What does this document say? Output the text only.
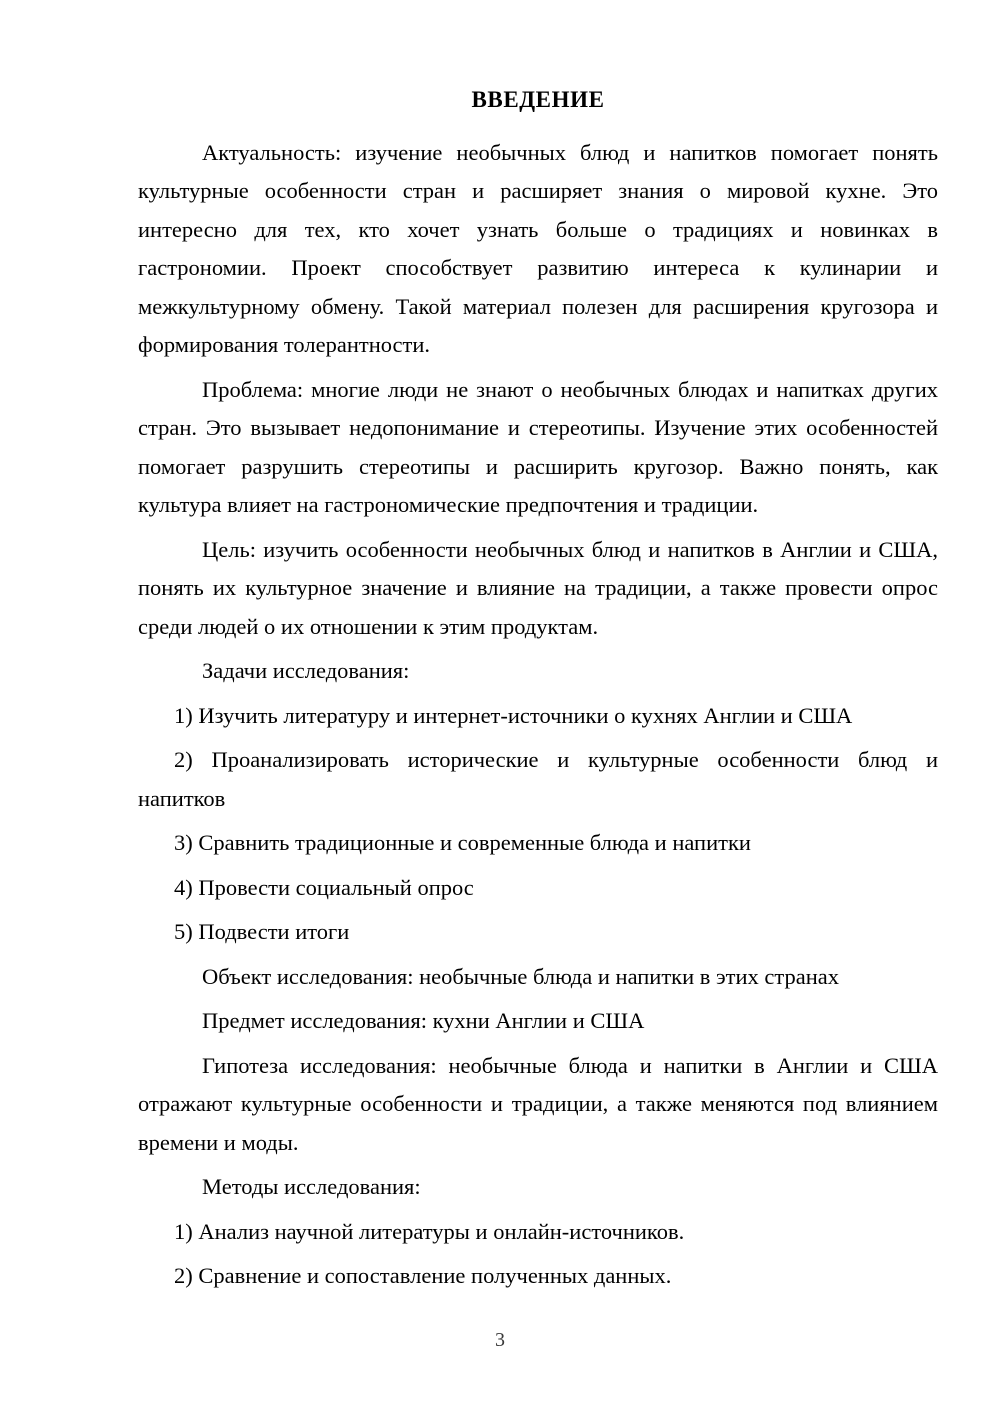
ВВЕДЕНИЕ

Актуальность: изучение необычных блюд и напитков помогает понять культурные особенности стран и расширяет знания о мировой кухне. Это интересно для тех, кто хочет узнать больше о традициях и новинках в гастрономии. Проект способствует развитию интереса к кулинарии и межкультурному обмену. Такой материал полезен для расширения кругозора и формирования толерантности.

Проблема: многие люди не знают о необычных блюдах и напитках других стран. Это вызывает недопонимание и стереотипы. Изучение этих особенностей помогает разрушить стереотипы и расширить кругозор. Важно понять, как культура влияет на гастрономические предпочтения и традиции.

Цель: изучить особенности необычных блюд и напитков в Англии и США, понять их культурное значение и влияние на традиции, а также провести опрос среди людей о их отношении к этим продуктам.

Задачи исследования:

1) Изучить литературу и интернет-источники о кухнях Англии и США

2) Проанализировать исторические и культурные особенности блюд и напитков

3) Сравнить традиционные и современные блюда и напитки

4) Провести социальный опрос

5) Подвести итоги

Объект исследования: необычные блюда и напитки в этих странах

Предмет исследования: кухни Англии и США

Гипотеза исследования: необычные блюда и напитки в Англии и США отражают культурные особенности и традиции, а также меняются под влиянием времени и моды.

Методы исследования:

1) Анализ научной литературы и онлайн-источников.

2) Сравнение и сопоставление полученных данных.

3
